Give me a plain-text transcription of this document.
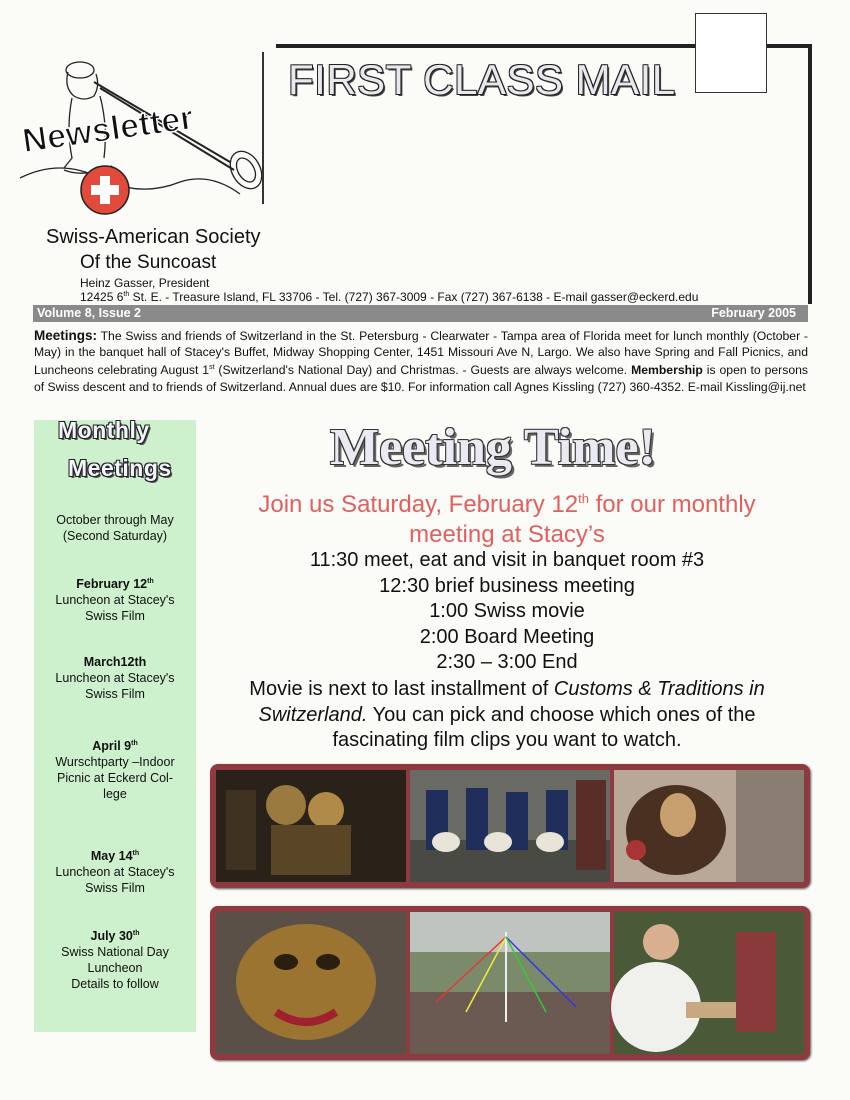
Newsletter
FIRST CLASS MAIL
Swiss-American Society
Of the Suncoast
Heinz Gasser, President
12425 6th St. E. - Treasure Island, FL 33706 - Tel. (727) 367-3009 - Fax (727) 367-6138 - E-mail gasser@eckerd.edu
Volume 8, Issue 2	February 2005
Meetings: The Swiss and friends of Switzerland in the St. Petersburg - Clearwater - Tampa area of Florida meet for lunch monthly (October - May) in the banquet hall of Stacey's Buffet, Midway Shopping Center, 1451 Missouri Ave N, Largo. We also have Spring and Fall Picnics, and Luncheons celebrating August 1st (Switzerland's National Day) and Christmas. - Guests are always welcome. Membership is open to persons of Swiss descent and to friends of Switzerland. Annual dues are $10. For information call Agnes Kissling (727) 360-4352. E-mail Kissling@ij.net
Monthly
Meetings
October through May
(Second Saturday)
February 12th
Luncheon at Stacey's
Swiss Film
March12th
Luncheon at Stacey's
Swiss Film
April 9th
Wurschtparty –Indoor
Picnic at Eckerd Col-
lege
May 14th
Luncheon at Stacey's
Swiss Film
July 30th
Swiss National Day
Luncheon
Details to follow
Meeting Time!
Join us Saturday, February 12th for our monthly
meeting at Stacy’s
11:30 meet, eat and visit in banquet room #3
12:30 brief business meeting
1:00 Swiss movie
2:00 Board Meeting
2:30 – 3:00 End
Movie is next to last installment of Customs & Traditions in Switzerland. You can pick and choose which ones of the fascinating film clips you want to watch.
